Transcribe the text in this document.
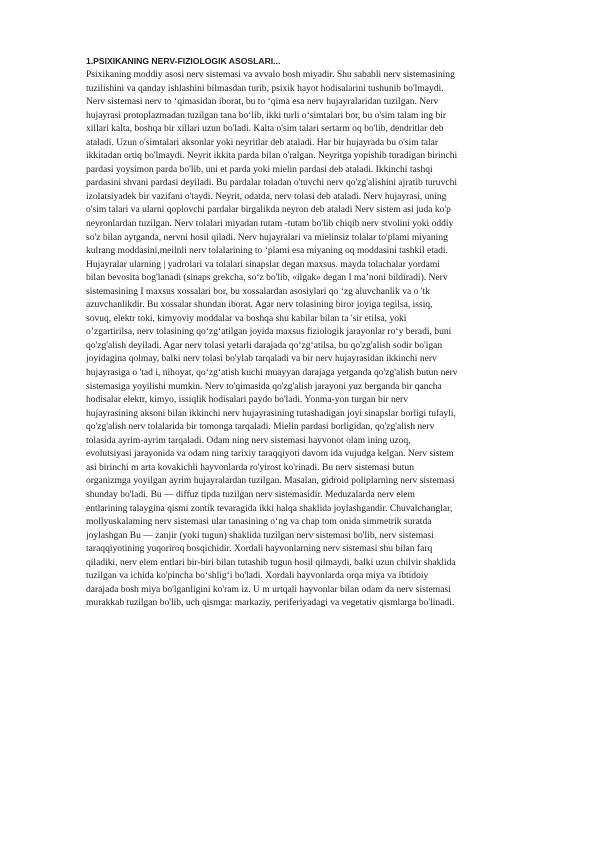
1.PSIXIKANING NERV-FIZIOLOGIK ASOSLARI...
Psixikaning moddiy asosi nerv sistemasi va avvalo bosh miyadir. Shu sababli nerv sistemasining
tuzilishini va qanday ishlashini bilmasdan turib, psixik hayot hodisalarini tushunib bo'lmaydi.
Nerv sistemasi nerv to ‘qimasidan iborat, bu to ‘qima esa nerv hujayralaridan tuzilgan. Nerv
hujayrasi protoplazmadan tuzilgan tana bo‘lib, ikki turli o‘simtalari bor, bu o'sim talam ing bir
xillari kalta, boshqa bir xillari uzun bo'ladi. Kalta o'sim talari sertarm oq bo'lib, dendritlar deb
ataladi. Uzun o'simtalari aksonlar yoki neyritlar deb ataladi. Har bir hujayrada bu o'sim talar
ikkitadan ortiq bo'lmaydi. Neyrit ikkita parda bilan o'ralgan. Neyritga yopishib turadigan birinchi
pardasi yoysimon parda bo'lib, uni et parda yoki mielin pardasi deb ataladi. Ikkinchi tashqi
pardasini shvani pardasi deyiladi. Bu pardalar toladan o'tuvchi nerv qo'zg'alishini ajratib turuvchi
izolatsiyadek bir vazifani o'taydi. Neyrit, odatda, nerv tolasi deb ataladi. Nerv hujayrasi, uning
o'sim talari va ularni qoplovchi pardalar birgalikda neyron deb ataladi Nerv sistem asi juda ko'p
neyronlardan tuzilgan. Nerv tolalari miyadan tutam -tutam bo'lib chiqib nerv stvolini yoki oddiy
so'z bilan aytganda, nervni hosil qiladi. Nerv hujayralari va mielinsiz tolalar to'plami miyaning
kulrang moddasini,meilnli nerv tolalarining to ‘plami esa miyaning oq moddasini tashkil etadi.
Hujayralar ularning | yadrolari va tolalari sinapslar degan maxsus. mayda tolachalar yordami
bilan bevosita bog'lanadi (sinaps grekcha, so‘z bo'lib, «ilgak» degan I ma’noni bildiradi). Nerv
sistemasining I maxsus xossalari bor, bu xossalardan asosiylari qo ‘zg aluvchanlik va o 'tk
azuvchanlikdir. Bu xossalar shundan iborat. Agar nerv tolasining biror joyiga tegilsa, issiq,
sovuq, elektr toki, kimyoviy moddalar va boshqa shu kabilar bilan ta 'sir etilsa, yoki
o’zgartirilsa, nerv tolasining qo‘zg‘atilgan joyida maxsus fiziologik jarayonlar ro‘y beradi, buni
qo'zg'alish deyiladi. Agar nerv tolasi yetarli darajada qo‘zg‘atilsa, bu qo'zg'alish sodir bo'igan
joyidagina qolmay, balki nerv tolasi bo'ylab tarqaladi va bir nerv hujayrasidan ikkinchi nerv
hujayrasiga o 'tad i, nihoyat, qo‘zg‘atish kuchi muayyan darajaga yetganda qo'zg'alish butun nerv
sistemasiga yoyilishi mumkin. Nerv to'qimasida qo'zg'alish jarayoni yuz berganda bir qancha
hodisalar elektr, kimyo, issiqlik hodisalari paydo bo'ladi. Yonma-yon turgan bir nerv
hujayrasining aksoni bilan ikkinchi nerv hujayrasining tutashadigan joyi sinapslar borligi tufayli,
qo'zg'alish nerv tolalarida bir tomonga tarqaladi. Mielin pardasi borligidan, qo'zg'alish nerv
tolasida ayrim-ayrim tarqaladi. Odam ning nerv sistemasi hayvonot olam ining uzoq,
evolutsiyasi jarayonida va odam ning tarixiy taraqqiyoti davom ida vujudga kelgan. Nerv sistem
asi birinchi m arta kovakichli hayvonlarda ro'yirost ko'rinadi. Bu nerv sistemasi butun
organizmga yoyilgan ayrim hujayralardan tuzilgan. Masalan, gidroid poliplarning nerv sistemasi
shunday bo'ladi. Bu — diffuz tipda tuzilgan nerv sistemasidir. Meduzalarda nerv elem
entlarining talaygina qismi zontik tevaragida ikki halqa shaklida joylashgandir. Chuvalchanglar,
mollyuskalaming nerv sistemasi ular tanasining o‘ng va chap tom onida simmetrik suratda
joylashgan Bu — zanjir (yoki tugun) shaklida tuzilgan nerv sistemasi bo'lib, nerv sistemasi
taraqqiyotining yuqoriroq bosqichidir. Xordali hayvonlarning nerv sistemasi shu bilan farq
qiladiki, nerv elem entlari bir-biri bilan tutashib tugun hosil qilmaydi, balki uzun chilvir shaklida
tuzilgan va ichida ko'pincha bo‘shlig‘i bo'ladi. Xordali hayvonlarda orqa miya va ibtidoiy
darajada bosh miya bo'lganligini ko'ram iz. U m urtqali hayvonlar bilan odam da nerv sistemasi
murakkab tuzilgan bo'lib, uch qismga: markaziy, periferiyadagi va vegetativ qismlarga bo'linadi.
